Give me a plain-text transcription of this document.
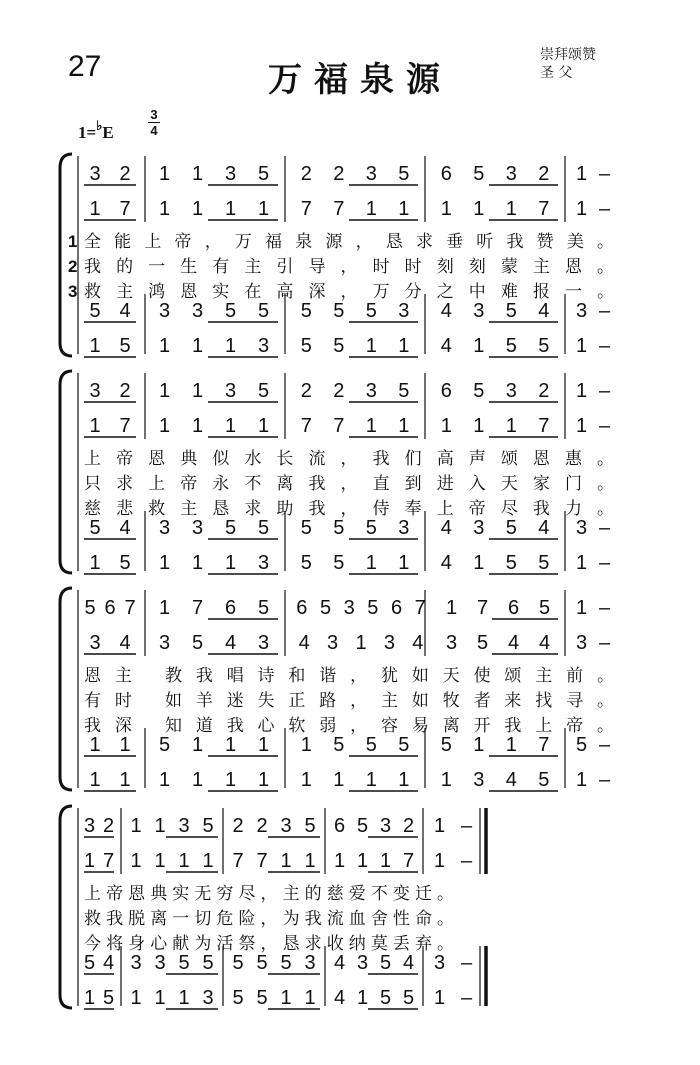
27	万福泉源
崇拜颂赞
圣 父
1=♭E
3
4
3 2 1 1 3 5 2 2 3 5 6 5 3 2 1 –
1 7 1 1 1 1 7 7 1 1 1 1 1 7 1 –
5 4 3 3 5 5 5 5 5 3 4 3 5 4 3 –
1 5 1 1 1 3 5 5 1 1 4 1 5 5 1 –
全能上帝，万福泉源，恳求垂听我赞美。
我的一生有主引导，时时刻刻蒙主恩。
救主鸿恩实在高深，万分之中难报一。
1
2
3
3 2 1 1 3 5 2 2 3 5 6 5 3 2 1 –
1 7 1 1 1 1 7 7 1 1 1 1 1 7 1 –
5 4 3 3 5 5 5 5 5 3 4 3 5 4 3 –
1 5 1 1 1 3 5 5 1 1 4 1 5 5 1 –
上帝恩典似水长流，我们高声颂恩惠。
只求上帝永不离我，直到进入天家门。
慈悲救主恳求助我，侍奉上帝尽我力。
5 6 7 1 7 6 5 6 5 3 5 6 7 1 7 6 5 1 –
3 4 3 5 4 3 4 3 1 3 4 3 5 4 4 3 –
1 1 5 1 1 1 1 5 5 5 5 1 1 7 5 –
1 1 1 1 1 1 1 1 1 1 1 3 4 5 1 –
恩主 教我唱诗和谐，犹如天使颂主前。
有时 如羊迷失正路，主如牧者来找寻。
我深 知道我心软弱，容易离开我上帝。
3 2 1 1 3 5 2 2 3 5 6 5 3 2 1 –
1 7 1 1 1 1 7 7 1 1 1 1 1 7 1 –
5 4 3 3 5 5 5 5 5 3 4 3 5 4 3 –
1 5 1 1 1 3 5 5 1 1 4 1 5 5 1 –
上帝恩典实无穷尽，主的慈爱不变迁。
救我脱离一切危险，为我流血舍性命。
今将身心献为活祭，恳求收纳莫丢弃。
